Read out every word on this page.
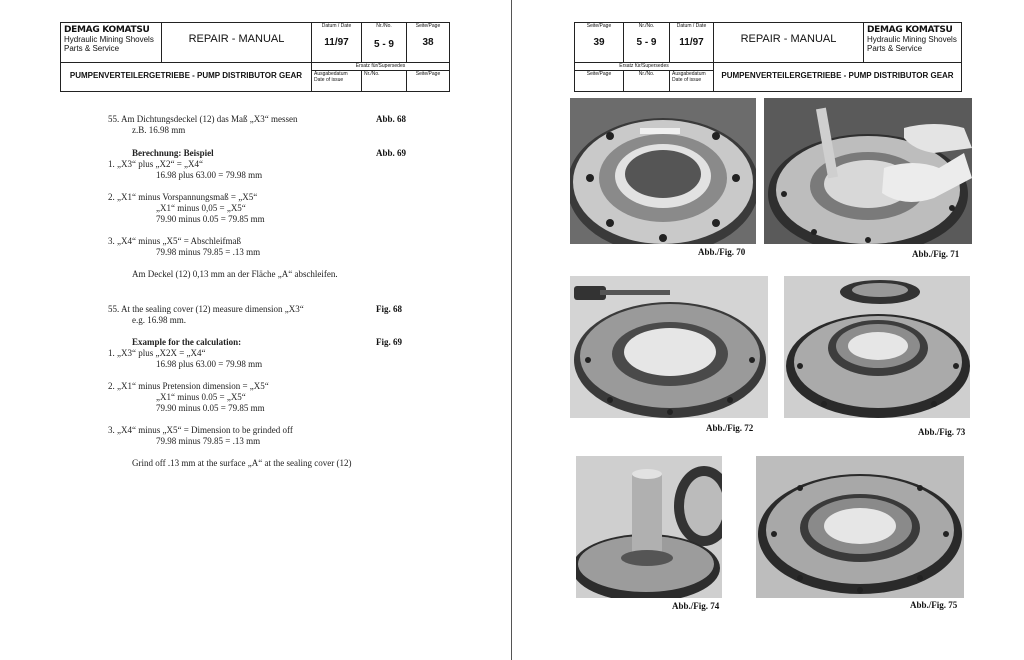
DEMAG KOMATSU
Hydraulic Mining Shovels
Parts & Service
REPAIR - MANUAL
Datum / Date
11/97
Nr./No.
5 - 9
Seite/Page
38
PUMPENVERTEILERGETRIEBE - PUMP DISTRIBUTOR GEAR
Ersatz für/Supersedes
Ausgabedatum
Date of issue
Nr./No.	Seite/Page
55. Am Dichtungsdeckel (12) das Maß „X3“ messen
z.B. 16.98 mm
Abb. 68
Berechnung: Beispiel
1. „X3“ plus „X2“ = „X4“
16.98 plus 63.00 = 79.98 mm
2. „X1“ minus Vorspannungsmaß = „X5“
„X1“ minus 0,05 = „X5“
79.90 minus 0.05 = 79.85 mm
3. „X4“ minus „X5“ = Abschleifmaß
79.98 minus 79.85 = .13 mm
Am Deckel (12) 0,13 mm an der Fläche „A“ abschleifen.
Abb. 69
55. At the sealing cover (12) measure dimension „X3“
e.g. 16.98 mm.
Fig. 68
Example for the calculation:
1. „X3“ plus „X2X = „X4“
16.98 plus 63.00 = 79.98 mm
2. „X1“ minus Pretension dimension = „X5“
„X1“ minus 0.05 = „X5“
79.90 minus 0.05 = 79.85 mm
3. „X4“ minus „X5“ = Dimension to be grinded off
79.98 minus 79.85 = .13 mm
Grind off .13 mm at the surface „A“ at the sealing cover (12)
Fig. 69
Seite/Page
39
Nr./No.
5 - 9
Datum / Date
11/97	REPAIR - MANUAL
DEMAG KOMATSU
Hydraulic Mining Shovels
Parts & Service
Ersatz für/Supersedes
Seite/Page	Nr./No.	Ausgabedatum
Date of issue	PUMPENVERTEILERGETRIEBE - PUMP DISTRIBUTOR GEAR
Abb./Fig. 70	Abb./Fig. 71
Abb./Fig. 72	Abb./Fig. 73
Abb./Fig. 74	Abb./Fig. 75
